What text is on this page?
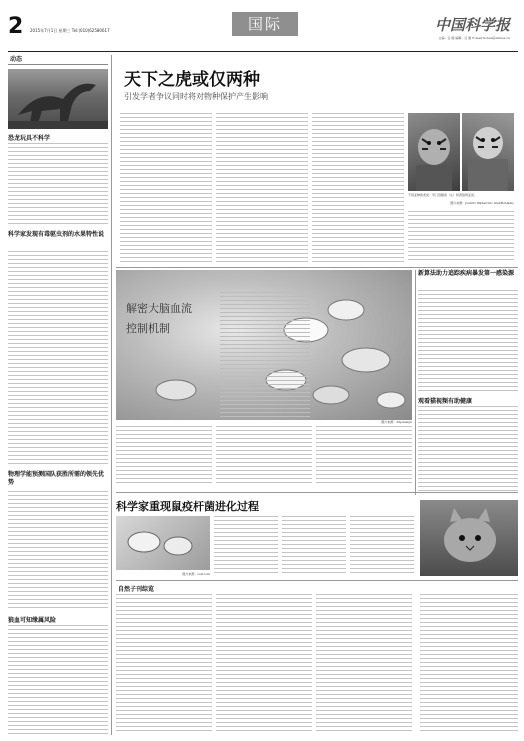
2 2015年7月1日 星期三 Tel:(010)62580617	国际	中国科学报
主编：任 刚 编辑：任 刚 E-mail:tlchen@stimes.cn
动态
恐龙玩具不科学
科学家发现有毒驱虫剂的水果特性说
物理学能预测国队获胜所需的领先优势
狼血可知缘属风险
天下之虎或仅两种
引发学者争议同时将对物种保护产生影响
不同亚种的老虎：苏门答腊虎（左）和西伯利亚虎。
图片来源：Jonhiro Bildarchiv GmbH/Alamy
解密大脑血流
控制机制
图片来源：3dpdesign
新算法助力追踪疾病暴发第一感染源
观看猫视频有助健康
科学家重现鼠疫杆菌进化过程
图片来源：cell.com
自然子刊综览
